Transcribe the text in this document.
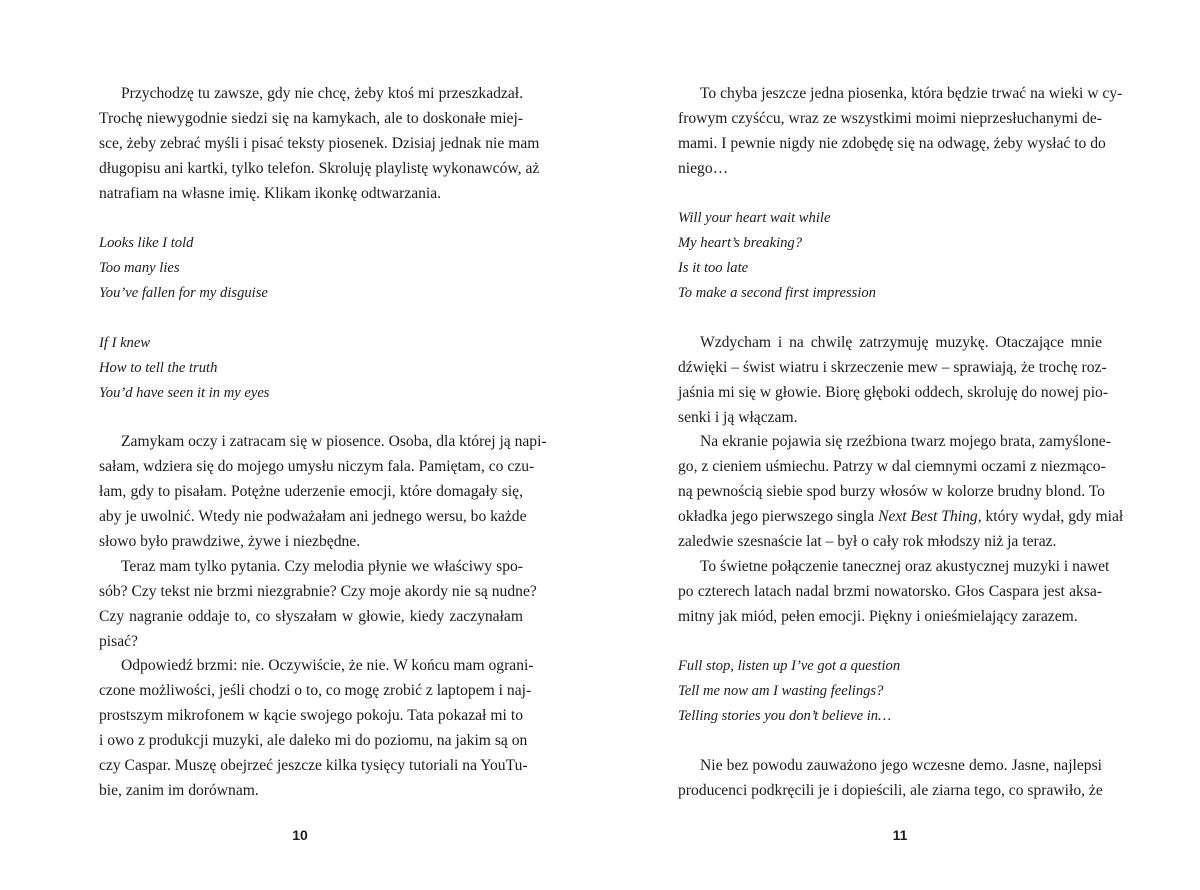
Przychodzę tu zawsze, gdy nie chcę, żeby ktoś mi przeszkadzał.
Trochę niewygodnie siedzi się na kamykach, ale to doskonałe miej-
sce, żeby zebrać myśli i pisać teksty piosenek. Dzisiaj jednak nie mam
długopisu ani kartki, tylko telefon. Skroluję playlistę wykonawców, aż
natrafiam na własne imię. Klikam ikonkę odtwarzania.
Looks like I told
Too many lies
You’ve fallen for my disguise
If I knew
How to tell the truth
You’d have seen it in my eyes
Zamykam oczy i zatracam się w piosence. Osoba, dla której ją napi-
sałam, wdziera się do mojego umysłu niczym fala. Pamiętam, co czu-
łam, gdy to pisałam. Potężne uderzenie emocji, które domagały się,
aby je uwolnić. Wtedy nie podważałam ani jednego wersu, bo każde
słowo było prawdziwe, żywe i niezbędne.
Teraz mam tylko pytania. Czy melodia płynie we właściwy spo-
sób? Czy tekst nie brzmi niezgrabnie? Czy moje akordy nie są nudne?
Czy nagranie oddaje to, co słyszałam w głowie, kiedy zaczynałam
pisać?
Odpowiedź brzmi: nie. Oczywiście, że nie. W końcu mam ograni-
czone możliwości, jeśli chodzi o to, co mogę zrobić z laptopem i naj-
prostszym mikrofonem w kącie swojego pokoju. Tata pokazał mi to
i owo z produkcji muzyki, ale daleko mi do poziomu, na jakim są on
czy Caspar. Muszę obejrzeć jeszcze kilka tysięcy tutoriali na YouTu-
bie, zanim im dorównam.
10
To chyba jeszcze jedna piosenka, która będzie trwać na wieki w cy-
frowym czyśćcu, wraz ze wszystkimi moimi nieprzesłuchanymi de-
mami. I pewnie nigdy nie zdobędę się na odwagę, żeby wysłać to do
niego…
Will your heart wait while
My heart’s breaking?
Is it too late
To make a second first impression
Wzdycham i na chwilę zatrzymuję muzykę. Otaczające mnie
dźwięki – świst wiatru i skrzeczenie mew – sprawiają, że trochę roz-
jaśnia mi się w głowie. Biorę głęboki oddech, skroluję do nowej pio-
senki i ją włączam.
Na ekranie pojawia się rzeźbiona twarz mojego brata, zamyślone-
go, z cieniem uśmiechu. Patrzy w dal ciemnymi oczami z niezmąco-
ną pewnością siebie spod burzy włosów w kolorze brudny blond. To
okładka jego pierwszego singla Next Best Thing, który wydał, gdy miał
zaledwie szesnaście lat – był o cały rok młodszy niż ja teraz.
To świetne połączenie tanecznej oraz akustycznej muzyki i nawet
po czterech latach nadal brzmi nowatorsko. Głos Caspara jest aksa-
mitny jak miód, pełen emocji. Piękny i onieśmielający zarazem.
Full stop, listen up I’ve got a question
Tell me now am I wasting feelings?
Telling stories you don’t believe in…
Nie bez powodu zauważono jego wczesne demo. Jasne, najlepsi
producenci podkręcili je i dopieścili, ale ziarna tego, co sprawiło, że
11
